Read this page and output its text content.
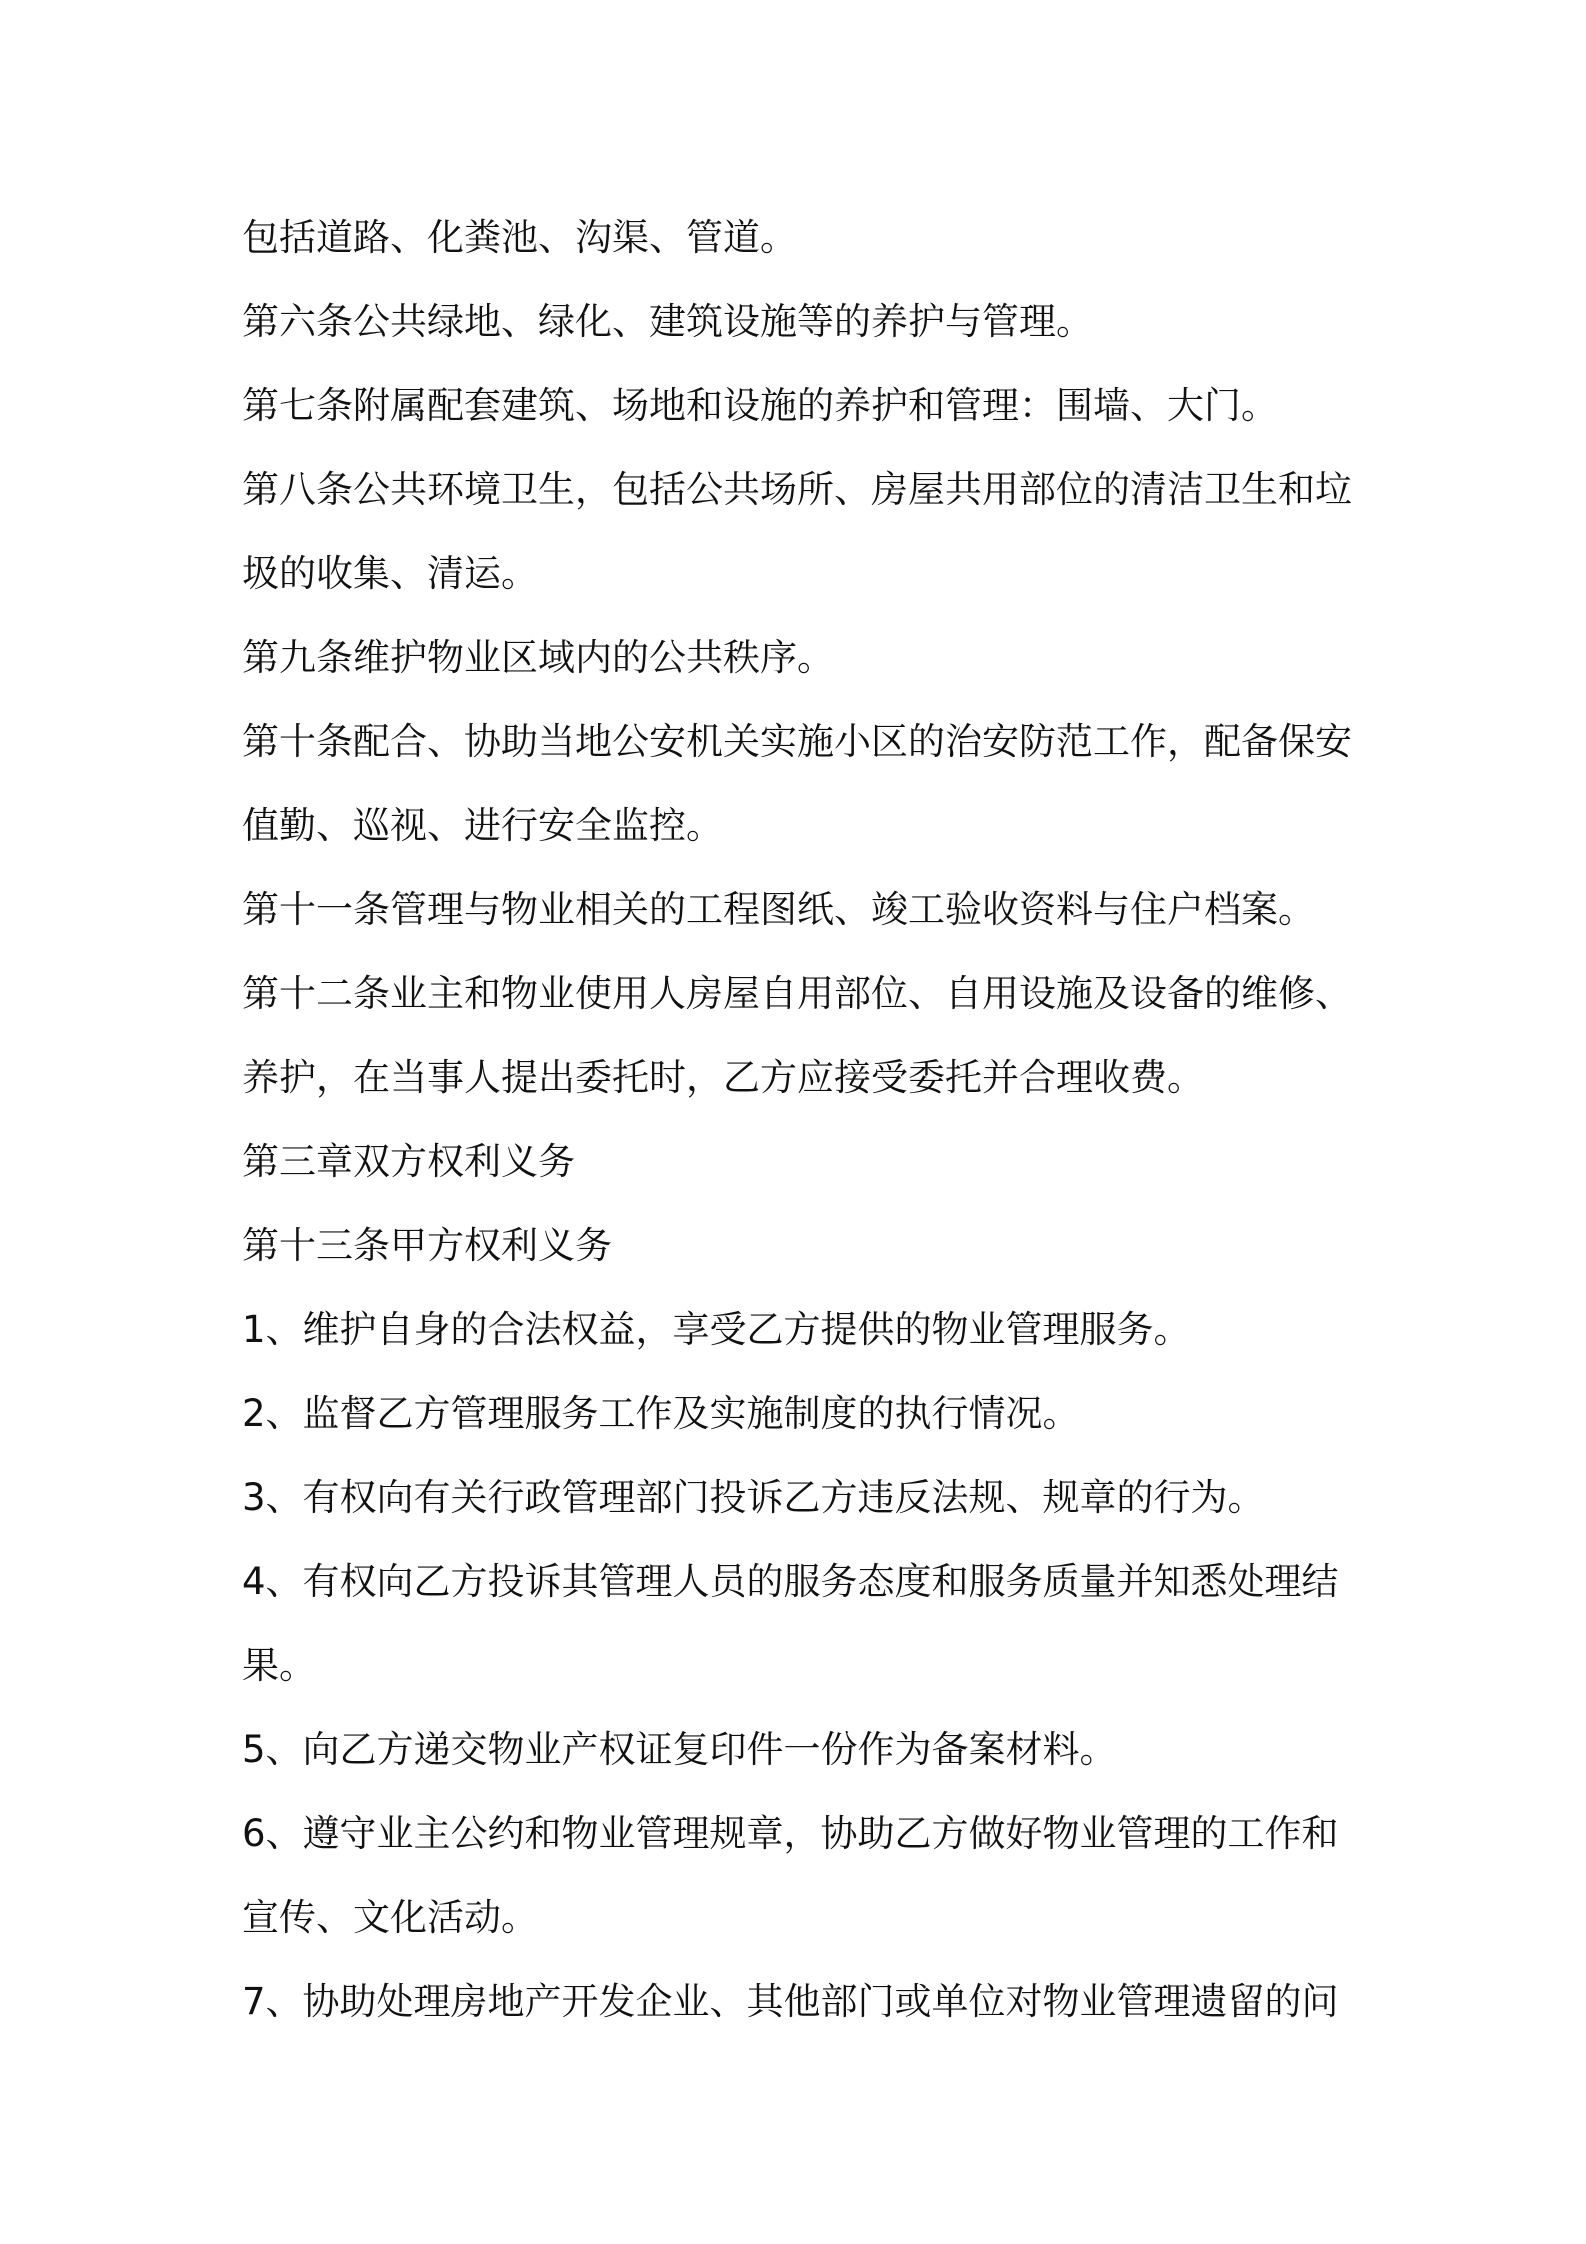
包括道路、化粪池、沟渠、管道。
第六条公共绿地、绿化、建筑设施等的养护与管理。
第七条附属配套建筑、场地和设施的养护和管理：围墙、大门。
第八条公共环境卫生，包括公共场所、房屋共用部位的清洁卫生和垃
圾的收集、清运。
第九条维护物业区域内的公共秩序。
第十条配合、协助当地公安机关实施小区的治安防范工作，配备保安
值勤、巡视、进行安全监控。
第十一条管理与物业相关的工程图纸、竣工验收资料与住户档案。
第十二条业主和物业使用人房屋自用部位、自用设施及设备的维修、
养护，在当事人提出委托时，乙方应接受委托并合理收费。
第三章双方权利义务
第十三条甲方权利义务
1、维护自身的合法权益，享受乙方提供的物业管理服务。
2、监督乙方管理服务工作及实施制度的执行情况。
3、有权向有关行政管理部门投诉乙方违反法规、规章的行为。
4、有权向乙方投诉其管理人员的服务态度和服务质量并知悉处理结
果。
5、向乙方递交物业产权证复印件一份作为备案材料。
6、遵守业主公约和物业管理规章，协助乙方做好物业管理的工作和
宣传、文化活动。
7、协助处理房地产开发企业、其他部门或单位对物业管理遗留的问
